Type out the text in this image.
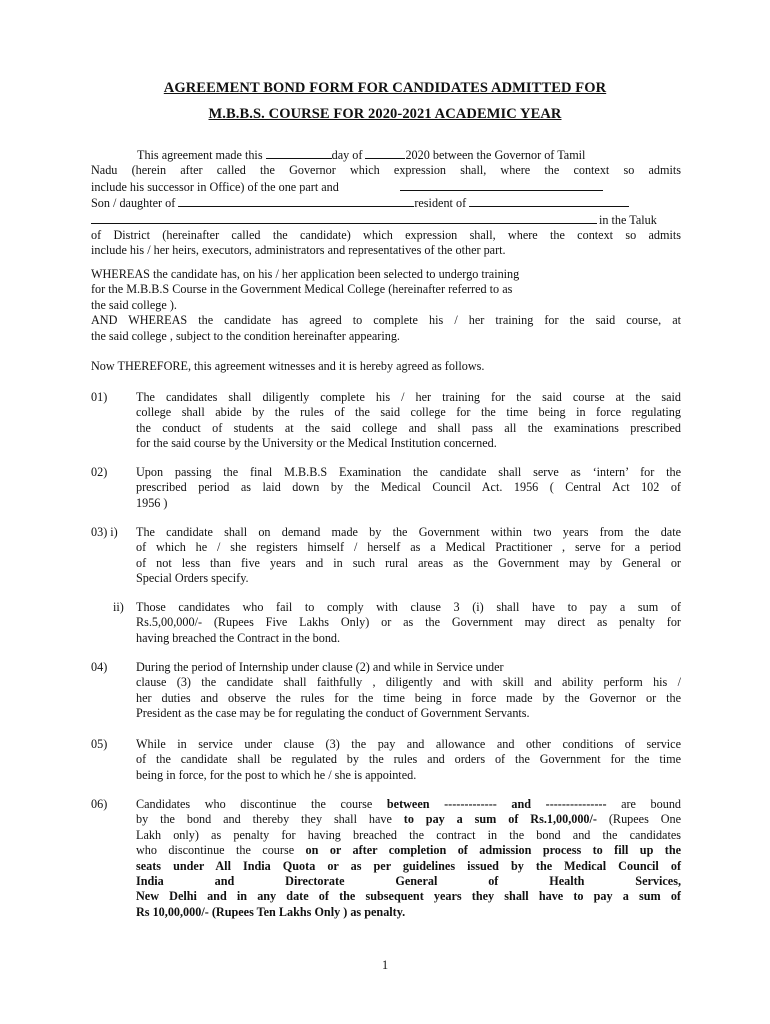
AGREEMENT BOND FORM FOR CANDIDATES ADMITTED FOR
M.B.B.S. COURSE FOR 2020-2021 ACADEMIC YEAR
This agreement made this	day of	2020 between the Governor of Tamil
Nadu (herein after called the Governor which expression shall, where the context so admits
include his successor in Office) of the one part and
Son / daughter of	resident of
in the Taluk
of District (hereinafter called the candidate) which expression shall, where the context so admits
include his / her heirs, executors, administrators and representatives of the other part.
WHEREAS the candidate has, on his / her application been selected to undergo training
for the M.B.B.S Course in the Government Medical College (hereinafter referred to as
the said college ).
AND WHEREAS the candidate has agreed to complete his / her training for the said course, at
the said college , subject to the condition hereinafter appearing.
Now THEREFORE, this agreement witnesses and it is hereby agreed as follows.
01) The candidates shall diligently complete his / her training for the said course at the said
college shall abide by the rules of the said college for the time being in force regulating
the conduct of students at the said college and shall pass all the examinations prescribed
for the said course by the University or the Medical Institution concerned.
02) Upon passing the final M.B.B.S Examination the candidate shall serve as ‘intern’ for the
prescribed period as laid down by the Medical Council Act. 1956 ( Central Act 102 of
1956 )
03) i) The candidate shall on demand made by the Government within two years from the date
of which he / she registers himself / herself as a Medical Practitioner , serve for a period
of not less than five years and in such rural areas as the Government may by General or
Special Orders specify.
ii) Those candidates who fail to comply with clause 3 (i) shall have to pay a sum of
Rs.5,00,000/- (Rupees Five Lakhs Only) or as the Government may direct as penalty for
having breached the Contract in the bond.
04) During the period of Internship under clause (2) and while in Service under
clause (3) the candidate shall faithfully , diligently and with skill and ability perform his /
her duties and observe the rules for the time being in force made by the Governor or the
President as the case may be for regulating the conduct of Government Servants.
05) While in service under clause (3) the pay and allowance and other conditions of service
of the candidate shall be regulated by the rules and orders of the Government for the time
being in force, for the post to which he / she is appointed.
06) Candidates who discontinue the course between ------------- and --------------- are bound
by the bond and thereby they shall have to pay a sum of Rs.1,00,000/- (Rupees One
Lakh only) as penalty for having breached the contract in the bond and the candidates
who discontinue the course on or after completion of admission process to fill up the
seats under All India Quota or as per guidelines issued by the Medical Council of
India and Directorate General of Health Services,
New Delhi and in any date of the subsequent years they shall have to pay a sum of
Rs 10,00,000/- (Rupees Ten Lakhs Only ) as penalty.
1
